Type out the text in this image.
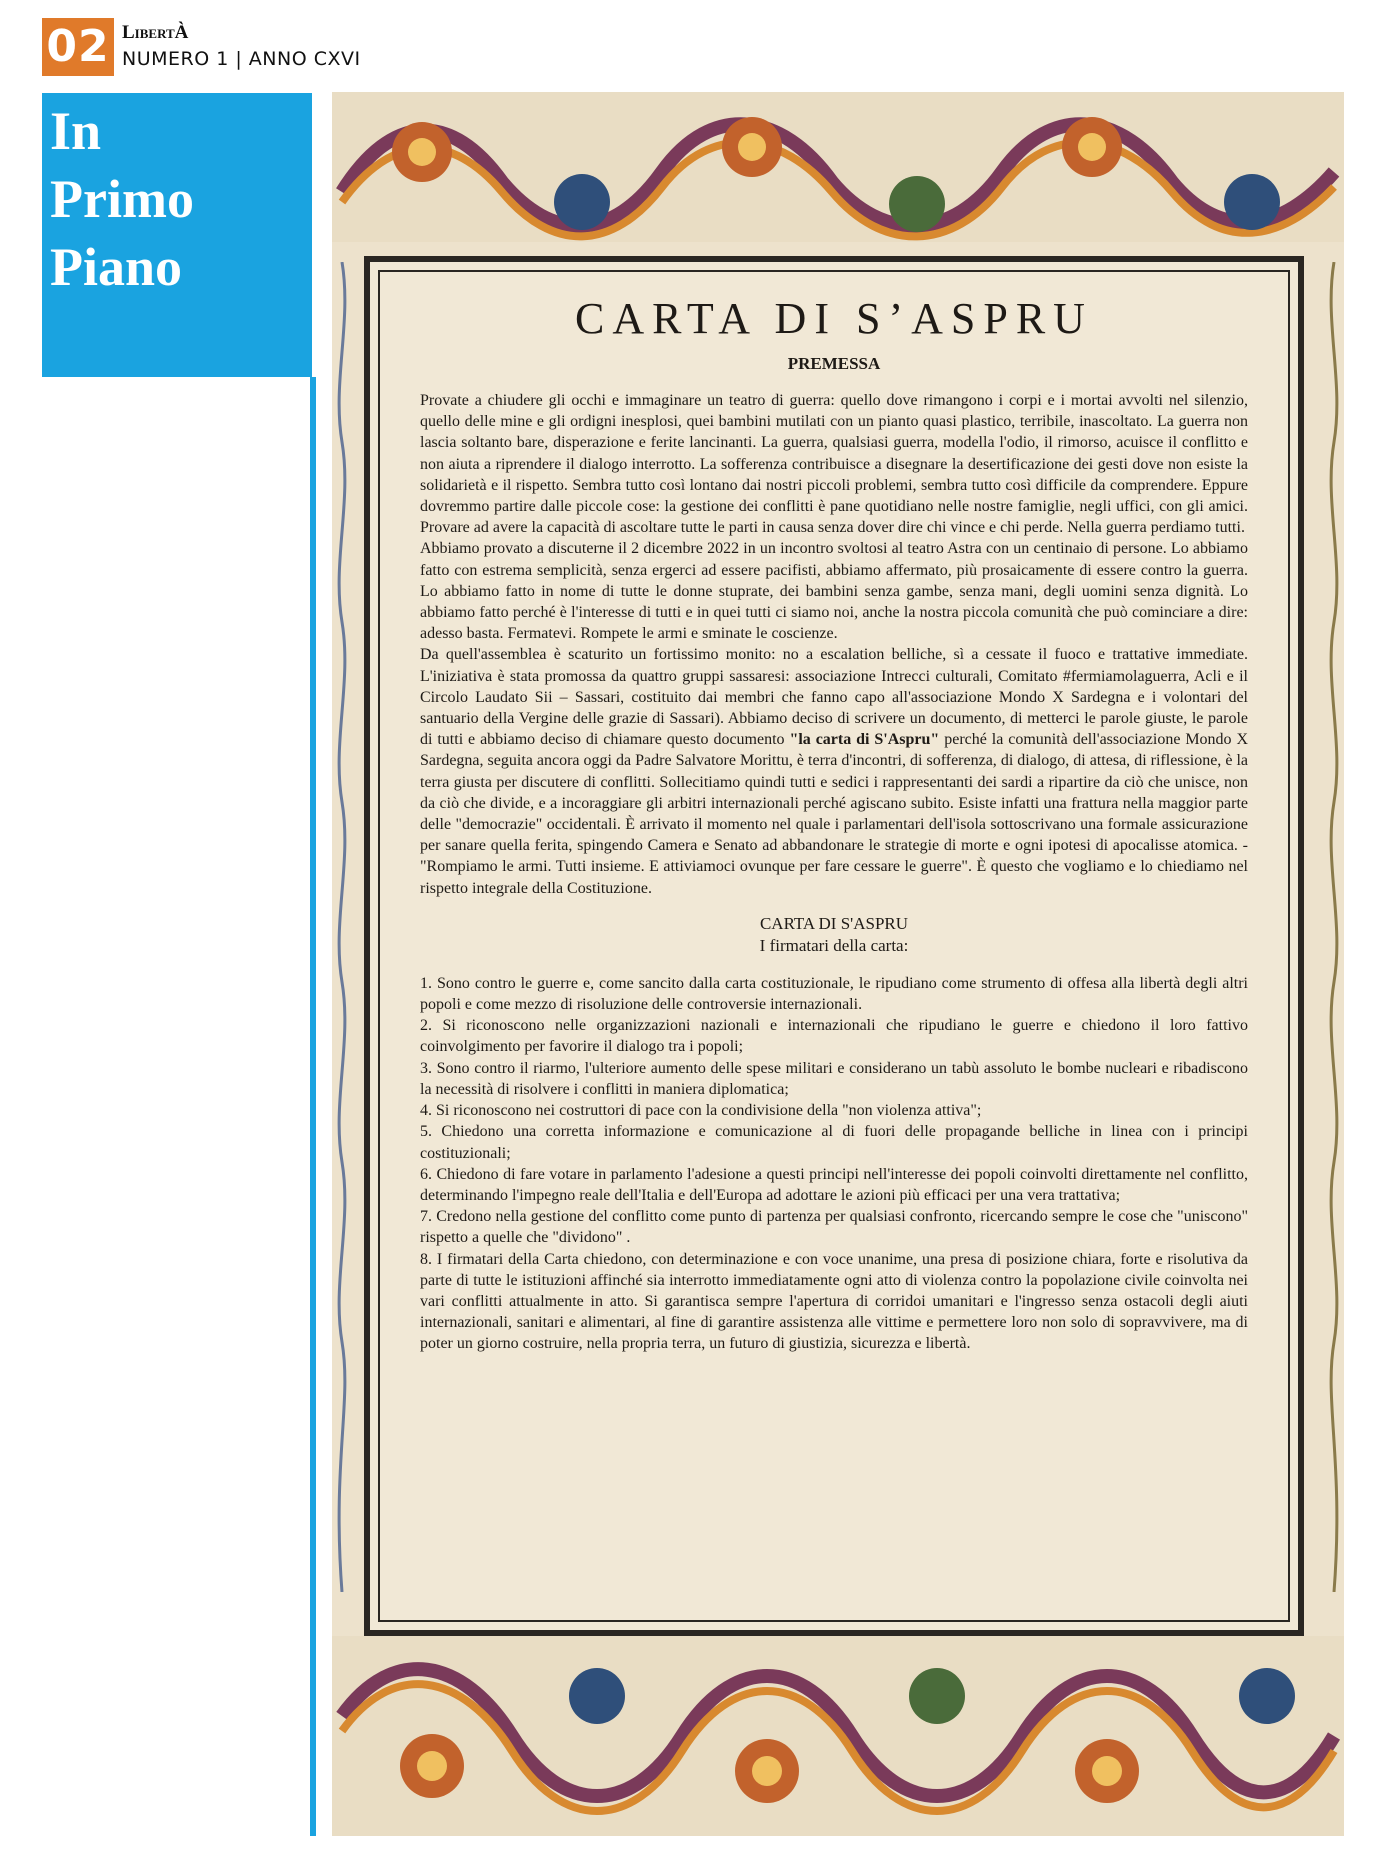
02 LibertÀ
NUMERO 1 | ANNO CXVI
In
Primo
Piano
CARTA DI S’ASPRU
PREMESSA

Provate a chiudere gli occhi e immaginare un teatro di guerra: quello dove rimangono i corpi e i mortai avvolti nel silenzio, quello delle mine e gli ordigni inesplosi, quei bambini mutilati con un pianto quasi plastico, terribile, inascoltato. La guerra non lascia soltanto bare, disperazione e ferite lancinanti. La guerra, qualsiasi guerra, modella l'odio, il rimorso, acuisce il conflitto e non aiuta a riprendere il dialogo interrotto. La sofferenza contribuisce a disegnare la desertificazione dei gesti dove non esiste la solidarietà e il rispetto. Sembra tutto così lontano dai nostri piccoli problemi, sembra tutto così difficile da comprendere. Eppure dovremmo partire dalle piccole cose: la gestione dei conflitti è pane quotidiano nelle nostre famiglie, negli uffici, con gli amici. Provare ad avere la capacità di ascoltare tutte le parti in causa senza dover dire chi vince e chi perde. Nella guerra perdiamo tutti.

Abbiamo provato a discuterne il 2 dicembre 2022 in un incontro svoltosi al teatro Astra con un centinaio di persone. Lo abbiamo fatto con estrema semplicità, senza ergerci ad essere pacifisti, abbiamo affermato, più prosaicamente di essere contro la guerra. Lo abbiamo fatto in nome di tutte le donne stuprate, dei bambini senza gambe, senza mani, degli uomini senza dignità. Lo abbiamo fatto perché è l'interesse di tutti e in quei tutti ci siamo noi, anche la nostra piccola comunità che può cominciare a dire: adesso basta. Fermatevi. Rompete le armi e sminate le coscienze.

Da quell'assemblea è scaturito un fortissimo monito: no a escalation belliche, sì a cessate il fuoco e trattative immediate. L'iniziativa è stata promossa da quattro gruppi sassaresi: associazione Intrecci culturali, Comitato #fermiamolaguerra, Acli e il Circolo Laudato Sii – Sassari, costituito dai membri che fanno capo all'associazione Mondo X Sardegna e i volontari del santuario della Vergine delle grazie di Sassari). Abbiamo deciso di scrivere un documento, di metterci le parole giuste, le parole di tutti e abbiamo deciso di chiamare questo documento "la carta di S'Aspru" perché la comunità dell'associazione Mondo X Sardegna, seguita ancora oggi da Padre Salvatore Morittu, è terra d'incontri, di sofferenza, di dialogo, di attesa, di riflessione, è la terra giusta per discutere di conflitti. Sollecitiamo quindi tutti e sedici i rappresentanti dei sardi a ripartire da ciò che unisce, non da ciò che divide, e a incoraggiare gli arbitri internazionali perché agiscano subito. Esiste infatti una frattura nella maggior parte delle "democrazie" occidentali. È arrivato il momento nel quale i parlamentari dell'isola sottoscrivano una formale assicurazione per sanare quella ferita, spingendo Camera e Senato ad abbandonare le strategie di morte e ogni ipotesi di apocalisse atomica. - "Rompiamo le armi. Tutti insieme. E attiviamoci ovunque per fare cessare le guerre". È questo che vogliamo e lo chiediamo nel rispetto integrale della Costituzione.

CARTA DI S'ASPRU
I firmatari della carta:
1. Sono contro le guerre e, come sancito dalla carta costituzionale, le ripudiano come strumento di offesa alla libertà degli altri popoli e come mezzo di risoluzione delle controversie internazionali.
2. Si riconoscono nelle organizzazioni nazionali e internazionali che ripudiano le guerre e chiedono il loro fattivo coinvolgimento per favorire il dialogo tra i popoli;
3. Sono contro il riarmo, l'ulteriore aumento delle spese militari e considerano un tabù assoluto le bombe nucleari e ribadiscono la necessità di risolvere i conflitti in maniera diplomatica;
4. Si riconoscono nei costruttori di pace con la condivisione della "non violenza attiva";
5. Chiedono una corretta informazione e comunicazione al di fuori delle propagande belliche in linea con i principi costituzionali;
6. Chiedono di fare votare in parlamento l'adesione a questi principi nell'interesse dei popoli coinvolti direttamente nel conflitto, determinando l'impegno reale dell'Italia e dell'Europa ad adottare le azioni più efficaci per una vera trattativa;
7. Credono nella gestione del conflitto come punto di partenza per qualsiasi confronto, ricercando sempre le cose che "uniscono" rispetto a quelle che "dividono" .
8. I firmatari della Carta chiedono, con determinazione e con voce unanime, una presa di posizione chiara, forte e risolutiva da parte di tutte le istituzioni affinché sia interrotto immediatamente ogni atto di violenza contro la popolazione civile coinvolta nei vari conflitti attualmente in atto. Si garantisca sempre l'apertura di corridoi umanitari e l'ingresso senza ostacoli degli aiuti internazionali, sanitari e alimentari, al fine di garantire assistenza alle vittime e permettere loro non solo di sopravvivere, ma di poter un giorno costruire, nella propria terra, un futuro di giustizia, sicurezza e libertà.
